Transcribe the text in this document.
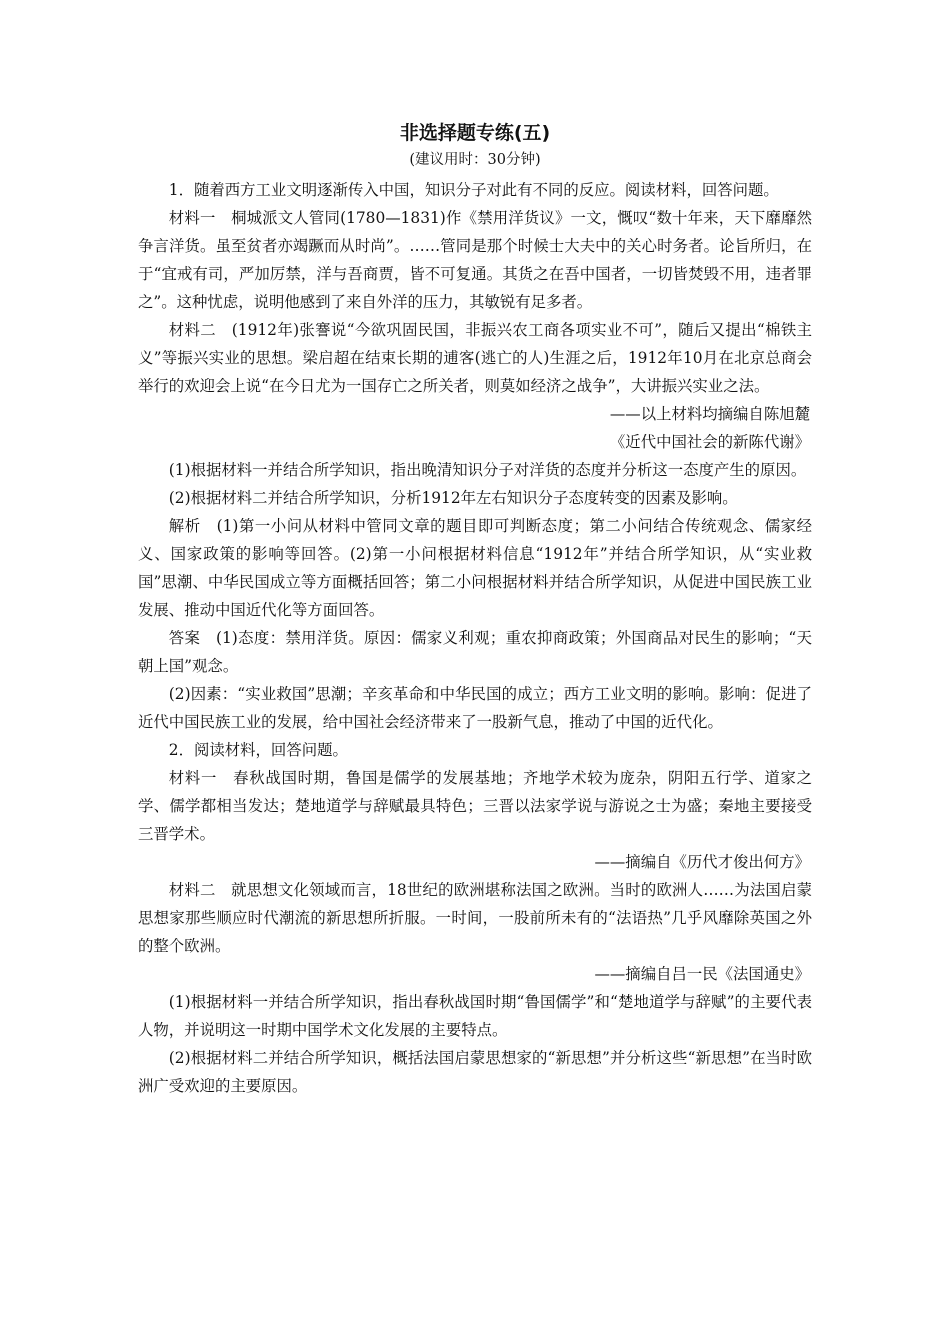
非选择题专练(五)
(建议用时：30分钟)

1．随着西方工业文明逐渐传入中国，知识分子对此有不同的反应。阅读材料，回答问题。

材料一　桐城派文人管同(1780—1831)作《禁用洋货议》一文，慨叹“数十年来，天下靡靡然争言洋货。虽至贫者亦竭蹶而从时尚”。……管同是那个时候士大夫中的关心时务者。论旨所归，在于“宜戒有司，严加厉禁，洋与吾商贾，皆不可复通。其货之在吾中国者，一切皆焚毁不用，违者罪之”。这种忧虑，说明他感到了来自外洋的压力，其敏锐有足多者。

材料二　(1912年)张謇说“今欲巩固民国，非振兴农工商各项实业不可”，随后又提出“棉铁主义”等振兴实业的思想。梁启超在结束长期的逋客(逃亡的人)生涯之后，1912年10月在北京总商会举行的欢迎会上说“在今日尤为一国存亡之所关者，则莫如经济之战争”，大讲振兴实业之法。

——以上材料均摘编自陈旭麓

《近代中国社会的新陈代谢》

(1)根据材料一并结合所学知识，指出晚清知识分子对洋货的态度并分析这一态度产生的原因。

(2)根据材料二并结合所学知识，分析1912年左右知识分子态度转变的因素及影响。

解析　(1)第一小问从材料中管同文章的题目即可判断态度；第二小问结合传统观念、儒家经义、国家政策的影响等回答。(2)第一小问根据材料信息“1912年”并结合所学知识，从“实业救国”思潮、中华民国成立等方面概括回答；第二小问根据材料并结合所学知识，从促进中国民族工业发展、推动中国近代化等方面回答。

答案　(1)态度：禁用洋货。原因：儒家义利观；重农抑商政策；外国商品对民生的影响；“天朝上国”观念。

(2)因素：“实业救国”思潮；辛亥革命和中华民国的成立；西方工业文明的影响。影响：促进了近代中国民族工业的发展，给中国社会经济带来了一股新气息，推动了中国的近代化。

2．阅读材料，回答问题。

材料一　春秋战国时期，鲁国是儒学的发展基地；齐地学术较为庞杂，阴阳五行学、道家之学、儒学都相当发达；楚地道学与辞赋最具特色；三晋以法家学说与游说之士为盛；秦地主要接受三晋学术。

——摘编自《历代才俊出何方》

材料二　就思想文化领域而言，18世纪的欧洲堪称法国之欧洲。当时的欧洲人……为法国启蒙思想家那些顺应时代潮流的新思想所折服。一时间，一股前所未有的“法语热”几乎风靡除英国之外的整个欧洲。

——摘编自吕一民《法国通史》

(1)根据材料一并结合所学知识，指出春秋战国时期“鲁国儒学”和“楚地道学与辞赋”的主要代表人物，并说明这一时期中国学术文化发展的主要特点。

(2)根据材料二并结合所学知识，概括法国启蒙思想家的“新思想”并分析这些“新思想”在当时欧洲广受欢迎的主要原因。
